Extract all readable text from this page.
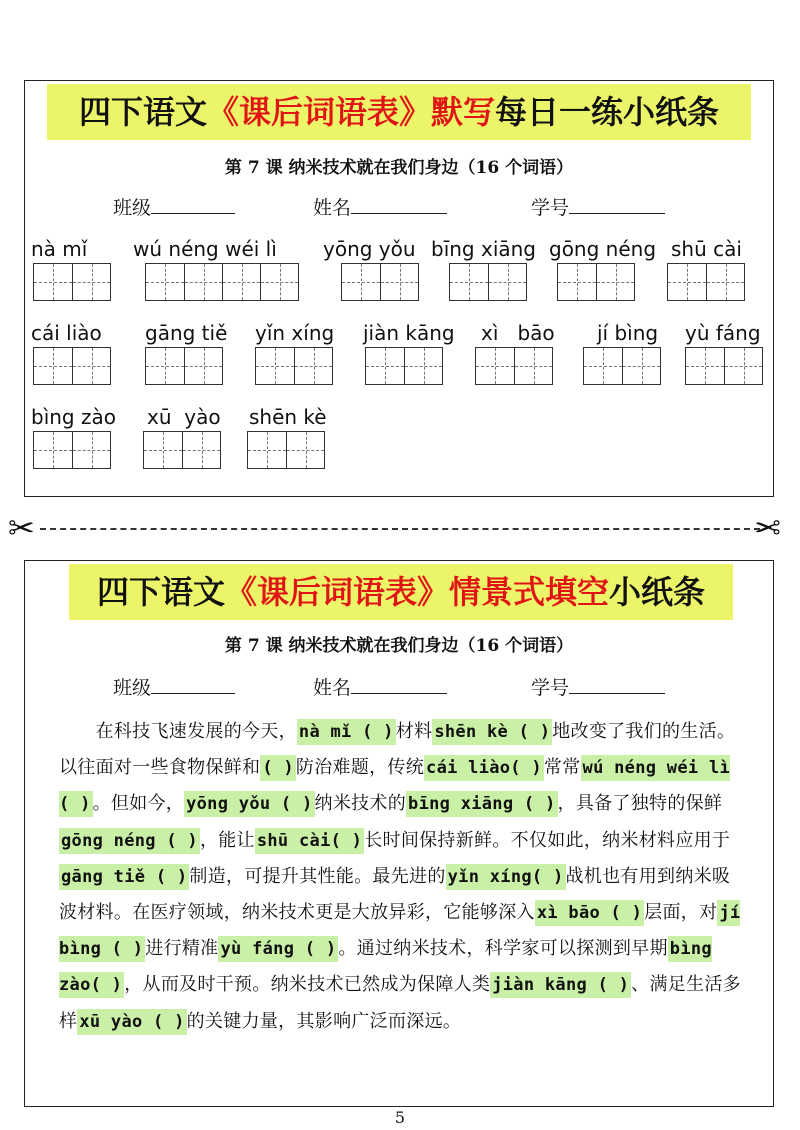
四下语文《课后词语表》默写每日一练小纸条
第 7 课 纳米技术就在我们身边（16 个词语）
班级	姓名	学号
nà mǐ wú néng wéi lì yōng yǒu bīng xiāng gōng néng shū cài
cái liào gāng tiě yǐn xíng jiàn kāng xì   bāo jí bìng yù fáng
bìng zào xū  yào shēn kè
✂	✂
四下语文《课后词语表》情景式填空小纸条
第 7 课 纳米技术就在我们身边（16 个词语）
班级	姓名	学号
　　在科技飞速发展的今天， nà mǐ ( ) 材料 shēn kè ( ) 地改变了我们的生活。以往面对一些食物保鲜和 ( ) 防治难题，传统 cái liào( ) 常常 wú néng wéi lì ( ) 。但如今， yōng yǒu ( ) 纳米技术的 bīng xiāng ( ) ，具备了独特的保鲜gōng néng ( ) ，能让 shū cài( ) 长时间保持新鲜。不仅如此，纳米材料应用于gāng tiě ( ) 制造，可提升其性能。最先进的 yǐn xíng( ) 战机也有用到纳米吸波材料。在医疗领域，纳米技术更是大放异彩，它能够深入 xì bāo ( ) 层面，对 jí bìng ( ) 进行精准 yù fáng ( ) 。通过纳米技术，科学家可以探测到早期 bìng zào( ) ，从而及时干预。纳米技术已然成为保障人类 jiàn kāng ( ) 、满足生活多样 xū yào ( ) 的关键力量，其影响广泛而深远。
5
